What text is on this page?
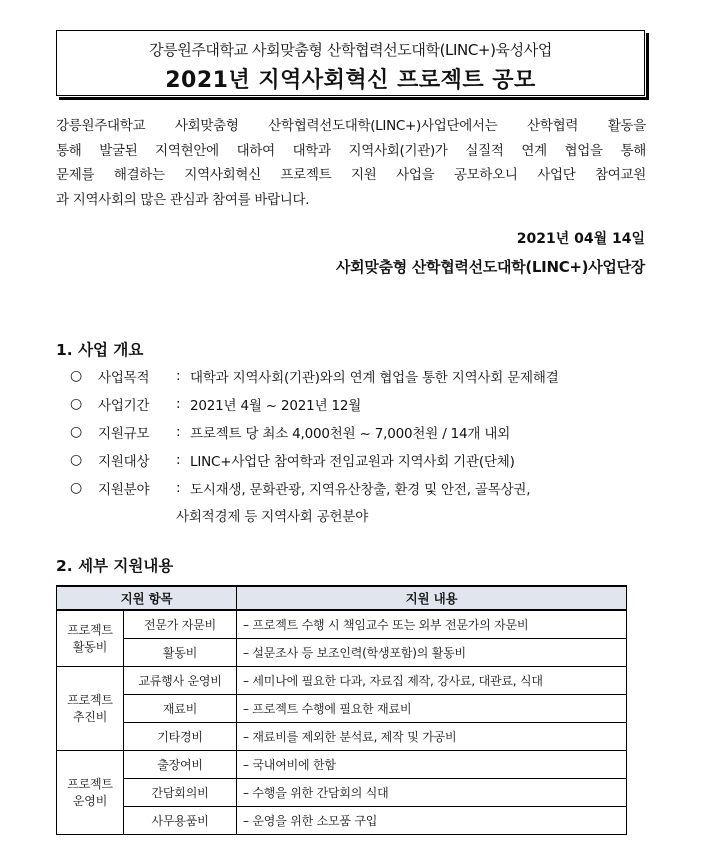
강릉원주대학교 사회맞춤형 산학협력선도대학(LINC+)육성사업
2021년 지역사회혁신 프로젝트 공모
강릉원주대학교 사회맞춤형 산학협력선도대학(LINC+)사업단에서는 산학협력 활동을
통해 발굴된 지역현안에 대하여 대학과 지역사회(기관)가 실질적 연계 협업을 통해
문제를 해결하는 지역사회혁신 프로젝트 지원 사업을 공모하오니 사업단 참여교원
과 지역사회의 많은 관심과 참여를 바랍니다.
2021년 04월 14일
사회맞춤형 산학협력선도대학(LINC+)사업단장
1. 사업 개요
○	사업목적	: 대학과 지역사회(기관)와의 연계 협업을 통한 지역사회 문제해결
○	사업기간	: 2021년 4월 ~ 2021년 12월
○	지원규모	: 프로젝트 당 최소 4,000천원 ~ 7,000천원 / 14개 내외
○	지원대상	: LINC+사업단 참여학과 전임교원과 지역사회 기관(단체)
○	지원분야	: 도시재생, 문화관광, 지역유산창출, 환경 및 안전, 골목상권,
사회적경제 등 지역사회 공헌분야
2. 세부 지원내용
지원 항목		지원 내용

프로젝트
활동비	전문가 자문비	– 프로젝트 수행 시 책임교수 또는 외부 전문가의 자문비
	활동비	– 설문조사 등 보조인력(학생포함)의 활동비

프로젝트
추진비	교류행사 운영비	– 세미나에 필요한 다과, 자료집 제작, 강사료, 대관료, 식대
	재료비	– 프로젝트 수행에 필요한 재료비
	기타경비	– 재료비를 제외한 분석료, 제작 및 가공비

프로젝트
운영비	출장여비	– 국내여비에 한함
	간담회의비	– 수행을 위한 간담회의 식대
	사무용품비	– 운영을 위한 소모품 구입
